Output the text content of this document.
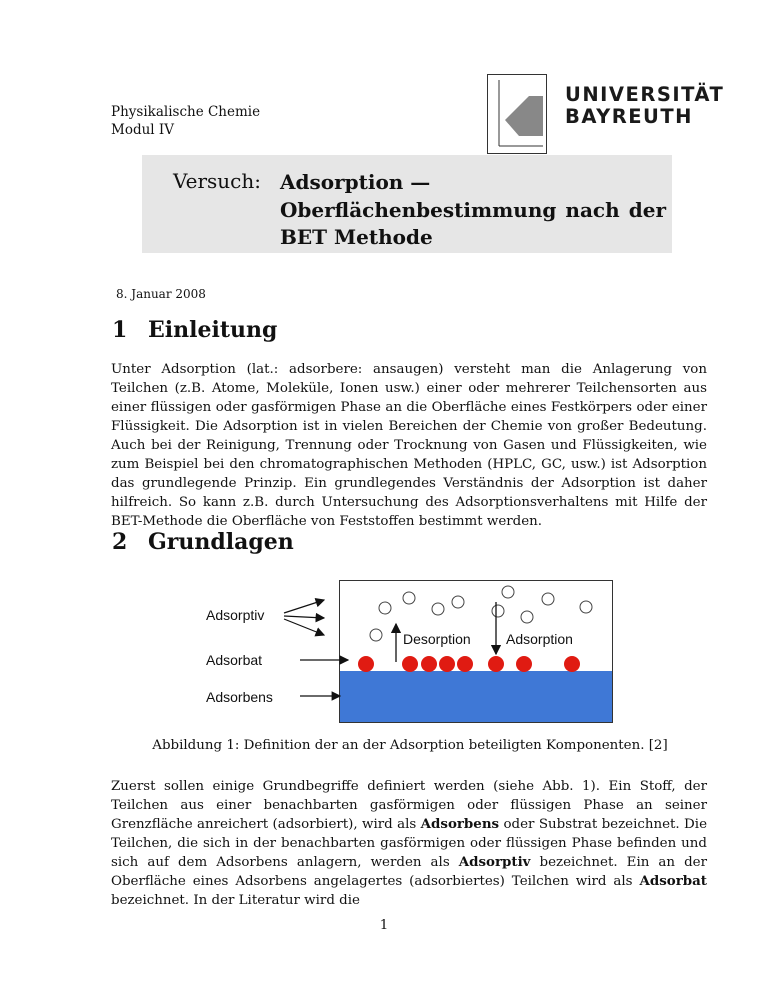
Physikalische Chemie
Modul IV
UNIVERSITÄT
BAYREUTH
Versuch: Adsorption —
Oberflächenbestimmung nach der
BET Methode
8. Januar 2008
1 Einleitung
Unter Adsorption (lat.: adsorbere: ansaugen) versteht man die Anlagerung von Teilchen (z.B. Atome, Moleküle, Ionen usw.) einer oder mehrerer Teilchensorten aus einer flüssigen oder gasförmigen Phase an die Oberfläche eines Festkörpers oder einer Flüssigkeit. Die Adsorption ist in vielen Bereichen der Chemie von großer Bedeutung. Auch bei der Reinigung, Trennung oder Trocknung von Gasen und Flüssigkeiten, wie zum Beispiel bei den chromatographischen Methoden (HPLC, GC, usw.) ist Adsorption das grundlegende Prinzip. Ein grundlegendes Verständnis der Adsorption ist daher hilfreich. So kann z.B. durch Untersuchung des Adsorptionsverhaltens mit Hilfe der BET-Methode die Oberfläche von Feststoffen bestimmt werden.
2 Grundlagen
Desorption	Adsorption
Adsorptiv
Adsorbat
Adsorbens
Abbildung 1: Definition der an der Adsorption beteiligten Komponenten. [2]
Zuerst sollen einige Grundbegriffe definiert werden (siehe Abb. 1). Ein Stoff, der Teilchen aus einer benachbarten gasförmigen oder flüssigen Phase an seiner Grenzfläche anreichert (adsorbiert), wird als Adsorbens oder Substrat bezeichnet. Die Teilchen, die sich in der benachbarten gasförmigen oder flüssigen Phase befinden und sich auf dem Adsorbens anlagern, werden als Adsorptiv bezeichnet. Ein an der Oberfläche eines Adsorbens angelagertes (adsorbiertes) Teilchen wird als Adsorbat bezeichnet. In der Literatur wird die
1
